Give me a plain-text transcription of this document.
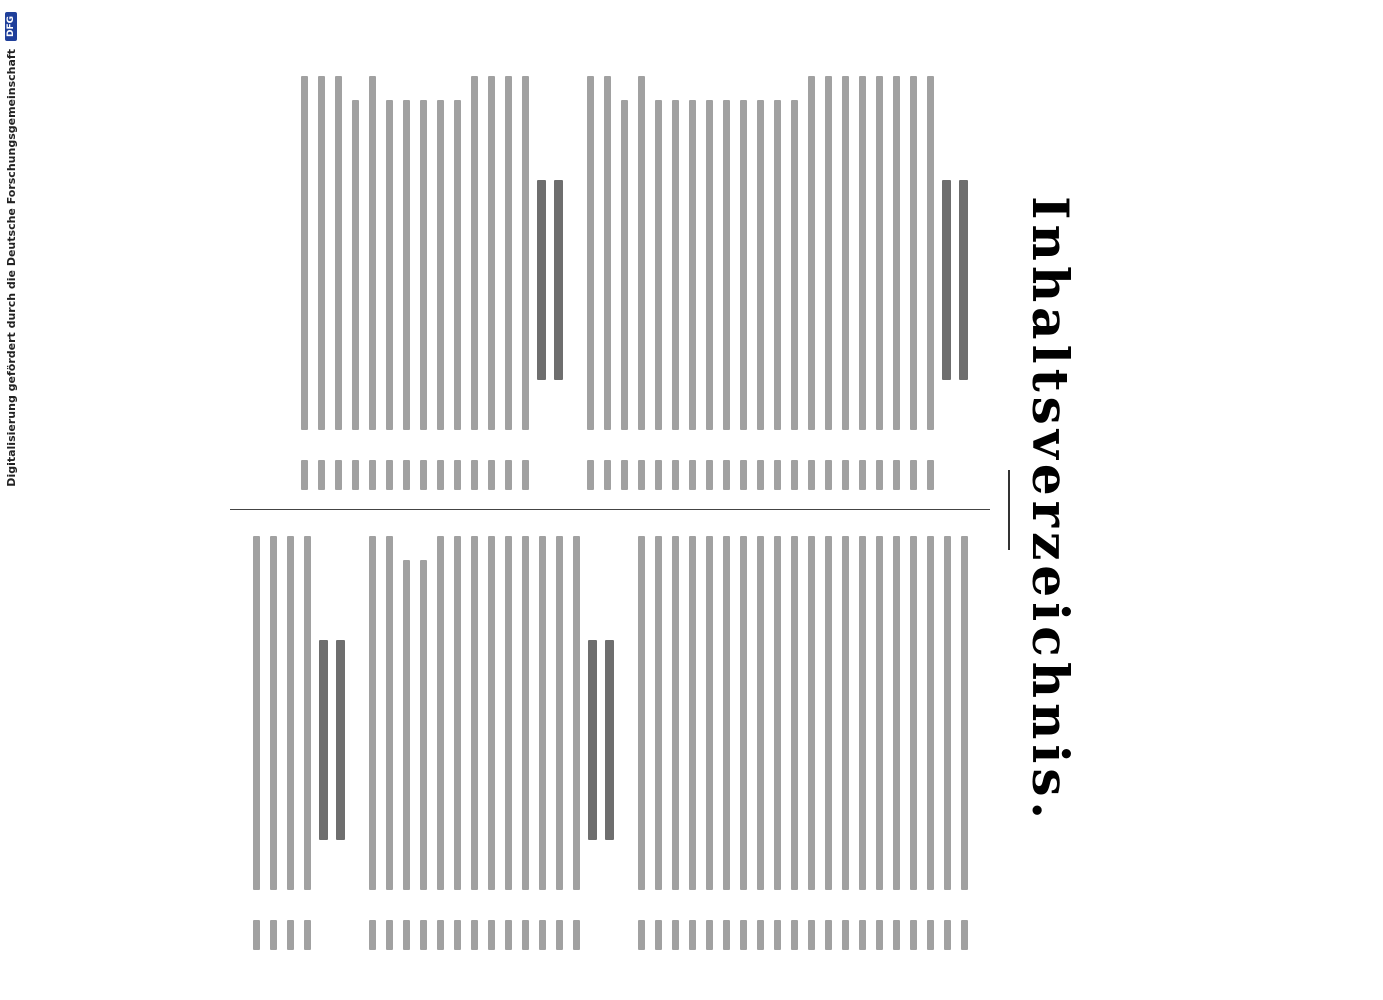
Digitalisierung gefördert durch die Deutsche Forschungsgemeinschaft
DFG
Inhaltsverzeichnis.
